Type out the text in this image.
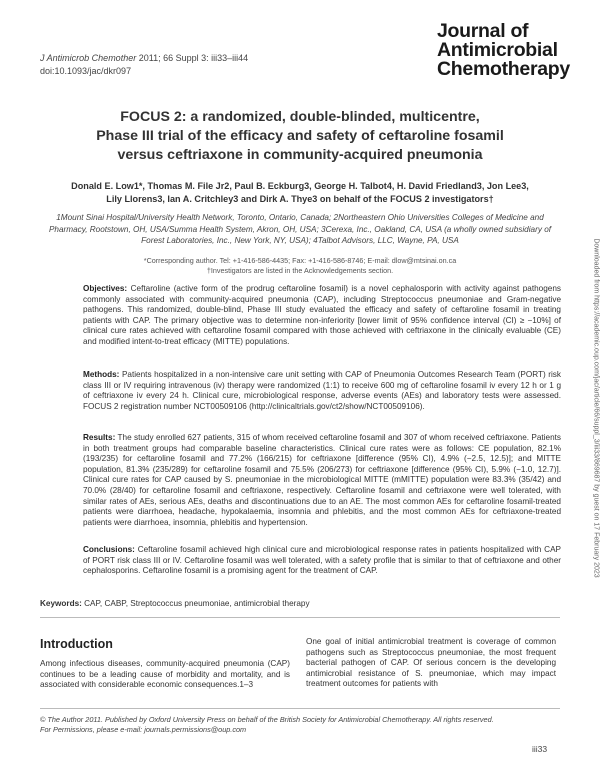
J Antimicrob Chemother 2011; 66 Suppl 3: iii33–iii44
doi:10.1093/jac/dkr097
Journal of
Antimicrobial
Chemotherapy
FOCUS 2: a randomized, double-blinded, multicentre,
Phase III trial of the efficacy and safety of ceftaroline fosamil
versus ceftriaxone in community-acquired pneumonia
Donald E. Low1*, Thomas M. File Jr2, Paul B. Eckburg3, George H. Talbot4, H. David Friedland3, Jon Lee3,
Lily Llorens3, Ian A. Critchley3 and Dirk A. Thye3 on behalf of the FOCUS 2 investigators†
1Mount Sinai Hospital/University Health Network, Toronto, Ontario, Canada; 2Northeastern Ohio Universities Colleges of Medicine and
Pharmacy, Rootstown, OH, USA/Summa Health System, Akron, OH, USA; 3Cerexa, Inc., Oakland, CA, USA (a wholly owned subsidiary of
Forest Laboratories, Inc., New York, NY, USA); 4Talbot Advisors, LLC, Wayne, PA, USA
*Corresponding author. Tel: +1-416-586-4435; Fax: +1-416-586-8746; E-mail: dlow@mtsinai.on.ca
†Investigators are listed in the Acknowledgements section.
Objectives: Ceftaroline (active form of the prodrug ceftaroline fosamil) is a novel cephalosporin with activity against pathogens commonly associated with community-acquired pneumonia (CAP), including Streptococcus pneumoniae and Gram-negative pathogens. This randomized, double-blind, Phase III study evaluated the efficacy and safety of ceftaroline fosamil in treating patients with CAP. The primary objective was to determine non-inferiority [lower limit of 95% confidence interval (CI) ≥ −10%] of clinical cure rates achieved with ceftaroline fosamil compared with those achieved with ceftriaxone in the clinically evaluable (CE) and modified intent-to-treat efficacy (MITTE) populations.
Methods: Patients hospitalized in a non-intensive care unit setting with CAP of Pneumonia Outcomes Research Team (PORT) risk class III or IV requiring intravenous (iv) therapy were randomized (1:1) to receive 600 mg of ceftaroline fosamil iv every 12 h or 1 g of ceftriaxone iv every 24 h. Clinical cure, microbiological response, adverse events (AEs) and laboratory tests were assessed. FOCUS 2 registration number NCT00509106 (http://clinicaltrials.gov/ct2/show/NCT00509106).
Results: The study enrolled 627 patients, 315 of whom received ceftaroline fosamil and 307 of whom received ceftriaxone. Patients in both treatment groups had comparable baseline characteristics. Clinical cure rates were as follows: CE population, 82.1% (193/235) for ceftaroline fosamil and 77.2% (166/215) for ceftriaxone [difference (95% CI), 4.9% (−2.5, 12.5)]; and MITTE population, 81.3% (235/289) for ceftaroline fosamil and 75.5% (206/273) for ceftriaxone [difference (95% CI), 5.9% (−1.0, 12.7)]. Clinical cure rates for CAP caused by S. pneumoniae in the microbiological MITTE (mMITTE) population were 83.3% (35/42) and 70.0% (28/40) for ceftaroline fosamil and ceftriaxone, respectively. Ceftaroline fosamil and ceftriaxone were well tolerated, with similar rates of AEs, serious AEs, deaths and discontinuations due to an AE. The most common AEs for ceftaroline fosamil-treated patients were diarrhoea, headache, hypokalaemia, insomnia and phlebitis, and the most common AEs for ceftriaxone-treated patients were diarrhoea, insomnia, phlebitis and hypertension.
Conclusions: Ceftaroline fosamil achieved high clinical cure and microbiological response rates in patients hospitalized with CAP of PORT risk class III or IV. Ceftaroline fosamil was well tolerated, with a safety profile that is similar to that of ceftriaxone and other cephalosporins. Ceftaroline fosamil is a promising agent for the treatment of CAP.
Keywords: CAP, CABP, Streptococcus pneumoniae, antimicrobial therapy
Introduction
Among infectious diseases, community-acquired pneumonia (CAP) continues to be a leading cause of morbidity and mortality, and is associated with considerable economic consequences.1–3
One goal of initial antimicrobial treatment is coverage of common pathogens such as Streptococcus pneumoniae, the most frequent bacterial pathogen of CAP. Of serious concern is the developing antimicrobial resistance of S. pneumoniae, which may impact treatment outcomes for patients with
© The Author 2011. Published by Oxford University Press on behalf of the British Society for Antimicrobial Chemotherapy. All rights reserved.
For Permissions, please e-mail: journals.permissions@oup.com
iii33
Downloaded from https://academic.oup.com/jac/article/66/suppl_3/iii33/869687 by guest on 17 February 2023
